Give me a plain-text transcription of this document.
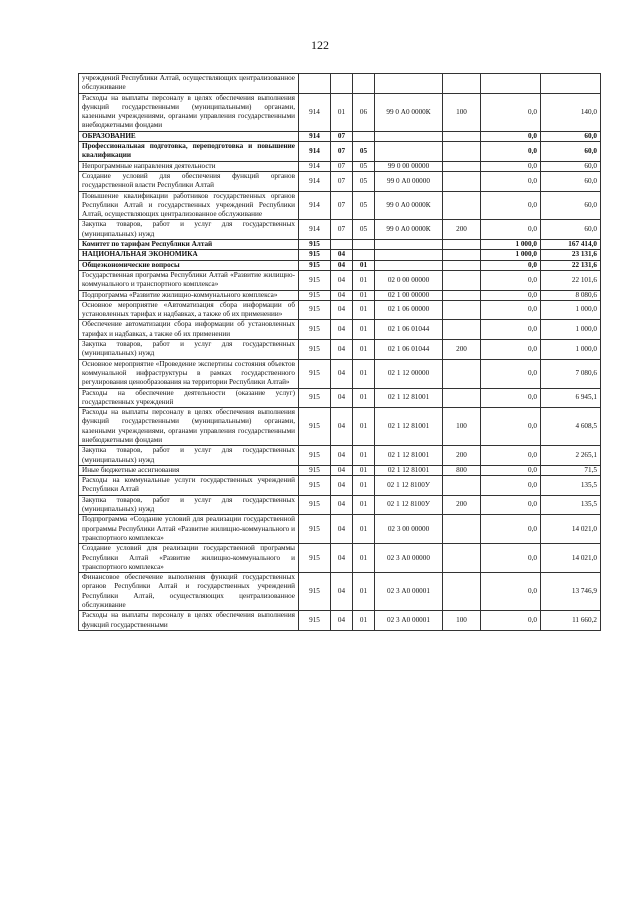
122
учреждений Республики Алтай, осуществляющих централизованное обслуживание							
Расходы на выплаты персоналу в целях обеспечения выполнения функций государственными (муниципальными) органами, казенными учреждениями, органами управления государственными внебюджетными фондами	914	01	06	99 0 А0 0000К	100	0,0	140,0
ОБРАЗОВАНИЕ	914	07				0,0	60,0
Профессиональная подготовка, переподготовка и повышение квалификации	914	07	05			0,0	60,0
Непрограммные направления деятельности	914	07	05	99 0 00 00000		0,0	60,0
Создание условий для обеспечения функций органов государственной власти Республики Алтай	914	07	05	99 0 А0 00000		0,0	60,0
Повышение квалификации работников государственных органов Республики Алтай и государственных учреждений Республики Алтай, осуществляющих централизованное обслуживание	914	07	05	99 0 А0 0000К		0,0	60,0
Закупка товаров, работ и услуг для государственных (муниципальных) нужд	914	07	05	99 0 А0 0000К	200	0,0	60,0
Комитет по тарифам Республики Алтай	915					1 000,0	167 414,0
НАЦИОНАЛЬНАЯ ЭКОНОМИКА	915	04				1 000,0	23 131,6
Общеэкономические вопросы	915	04	01			0,0	22 131,6
Государственная программа Республики Алтай «Развитие жилищно-коммунального и транспортного комплекса»	915	04	01	02 0 00 00000		0,0	22 101,6
Подпрограмма «Развитие жилищно-коммунального комплекса»	915	04	01	02 1 00 00000		0,0	8 080,6
Основное мероприятие «Автоматизация сбора информации об установленных тарифах и надбавках, а также об их применении»	915	04	01	02 1 06 00000		0,0	1 000,0
Обеспечение автоматизации сбора информации об установленных тарифах и надбавках, а также об их применении	915	04	01	02 1 06 01044		0,0	1 000,0
Закупка товаров, работ и услуг для государственных (муниципальных) нужд	915	04	01	02 1 06 01044	200	0,0	1 000,0
Основное мероприятие «Проведение экспертизы состояния объектов коммунальной инфраструктуры в рамках государственного регулирования ценообразования на территории Республики Алтай»	915	04	01	02 1 12 00000		0,0	7 080,6
Расходы на обеспечение деятельности (оказание услуг) государственных учреждений	915	04	01	02 1 12 81001		0,0	6 945,1
Расходы на выплаты персоналу в целях обеспечения выполнения функций государственными (муниципальными) органами, казенными учреждениями, органами управления государственными внебюджетными фондами	915	04	01	02 1 12 81001	100	0,0	4 608,5
Закупка товаров, работ и услуг для государственных (муниципальных) нужд	915	04	01	02 1 12 81001	200	0,0	2 265,1
Иные бюджетные ассигнования	915	04	01	02 1 12 81001	800	0,0	71,5
Расходы на коммунальные услуги государственных учреждений Республики Алтай	915	04	01	02 1 12 8100У		0,0	135,5
Закупка товаров, работ и услуг для государственных (муниципальных) нужд	915	04	01	02 1 12 8100У	200	0,0	135,5
Подпрограмма «Создание условий для реализации государственной программы Республики Алтай «Развитие жилищно-коммунального и транспортного комплекса»	915	04	01	02 3 00 00000		0,0	14 021,0
Создание условий для реализации государственной программы Республики Алтай «Развитие жилищно-коммунального и транспортного комплекса»	915	04	01	02 3 А0 00000		0,0	14 021,0
Финансовое обеспечение выполнения функций государственных органов Республики Алтай и государственных учреждений Республики Алтай, осуществляющих централизованное обслуживание	915	04	01	02 3 А0 00001		0,0	13 746,9
Расходы на выплаты персоналу в целях обеспечения выполнения функций государственными	915	04	01	02 3 А0 00001	100	0,0	11 660,2
